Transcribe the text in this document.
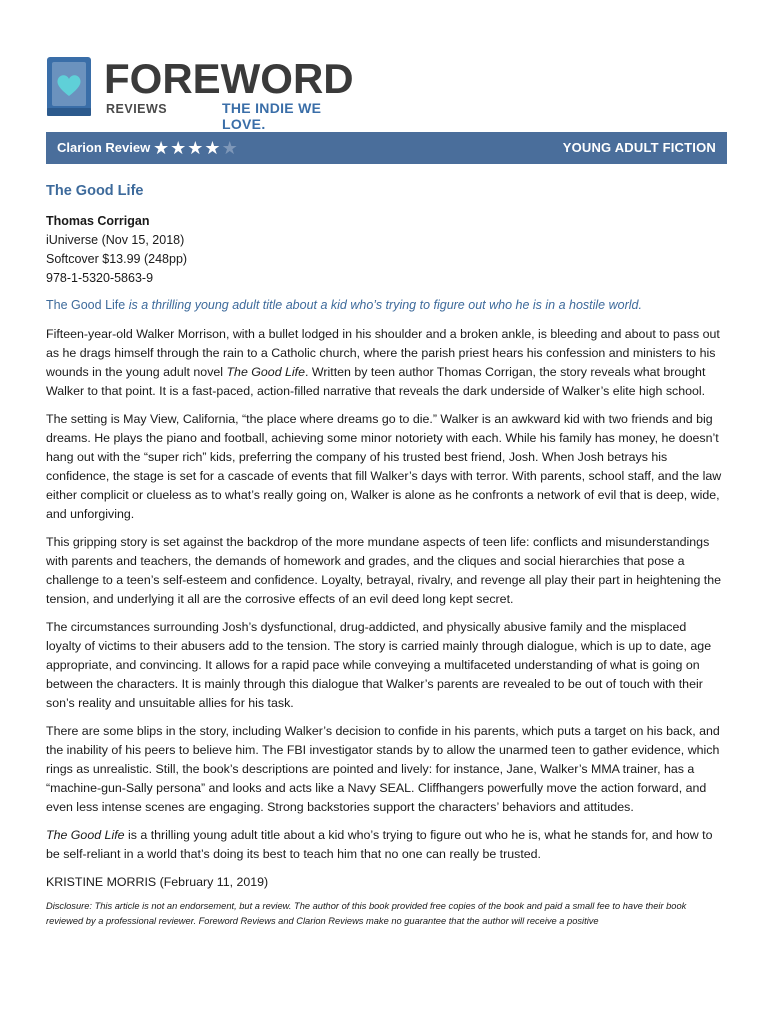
FOREWORD
REVIEWS	THE INDIE WE LOVE.
Clarion Review ★★★★★	YOUNG ADULT FICTION
The Good Life
Thomas Corrigan
iUniverse (Nov 15, 2018)
Softcover $13.99 (248pp)
978-1-5320-5863-9

The Good Life is a thrilling young adult title about a kid who’s trying to figure out who he is in a hostile world.

Fifteen-year-old Walker Morrison, with a bullet lodged in his shoulder and a broken ankle, is bleeding and about to pass out as he drags himself through the rain to a Catholic church, where the parish priest hears his confession and ministers to his wounds in the young adult novel The Good Life. Written by teen author Thomas Corrigan, the story reveals what brought Walker to that point. It is a fast-paced, action-filled narrative that reveals the dark underside of Walker’s elite high school.

The setting is May View, California, “the place where dreams go to die.” Walker is an awkward kid with two friends and big dreams. He plays the piano and football, achieving some minor notoriety with each. While his family has money, he doesn’t hang out with the “super rich” kids, preferring the company of his trusted best friend, Josh. When Josh betrays his confidence, the stage is set for a cascade of events that fill Walker’s days with terror. With parents, school staff, and the law either complicit or clueless as to what’s really going on, Walker is alone as he confronts a network of evil that is deep, wide, and unforgiving.

This gripping story is set against the backdrop of the more mundane aspects of teen life: conflicts and misunderstandings with parents and teachers, the demands of homework and grades, and the cliques and social hierarchies that pose a challenge to a teen’s self-esteem and confidence. Loyalty, betrayal, rivalry, and revenge all play their part in heightening the tension, and underlying it all are the corrosive effects of an evil deed long kept secret.

The circumstances surrounding Josh’s dysfunctional, drug-addicted, and physically abusive family and the misplaced loyalty of victims to their abusers add to the tension. The story is carried mainly through dialogue, which is up to date, age appropriate, and convincing. It allows for a rapid pace while conveying a multifaceted understanding of what is going on between the characters. It is mainly through this dialogue that Walker’s parents are revealed to be out of touch with their son’s reality and unsuitable allies for his task.

There are some blips in the story, including Walker’s decision to confide in his parents, which puts a target on his back, and the inability of his peers to believe him. The FBI investigator stands by to allow the unarmed teen to gather evidence, which rings as unrealistic. Still, the book’s descriptions are pointed and lively: for instance, Jane, Walker’s MMA trainer, has a “machine-gun-Sally persona” and looks and acts like a Navy SEAL. Cliffhangers powerfully move the action forward, and even less intense scenes are engaging. Strong backstories support the characters’ behaviors and attitudes.

The Good Life is a thrilling young adult title about a kid who’s trying to figure out who he is, what he stands for, and how to be self-reliant in a world that’s doing its best to teach him that no one can really be trusted.

KRISTINE MORRIS (February 11, 2019)

Disclosure: This article is not an endorsement, but a review. The author of this book provided free copies of the book and paid a small fee to have their book reviewed by a professional reviewer. Foreword Reviews and Clarion Reviews make no guarantee that the author will receive a positive
